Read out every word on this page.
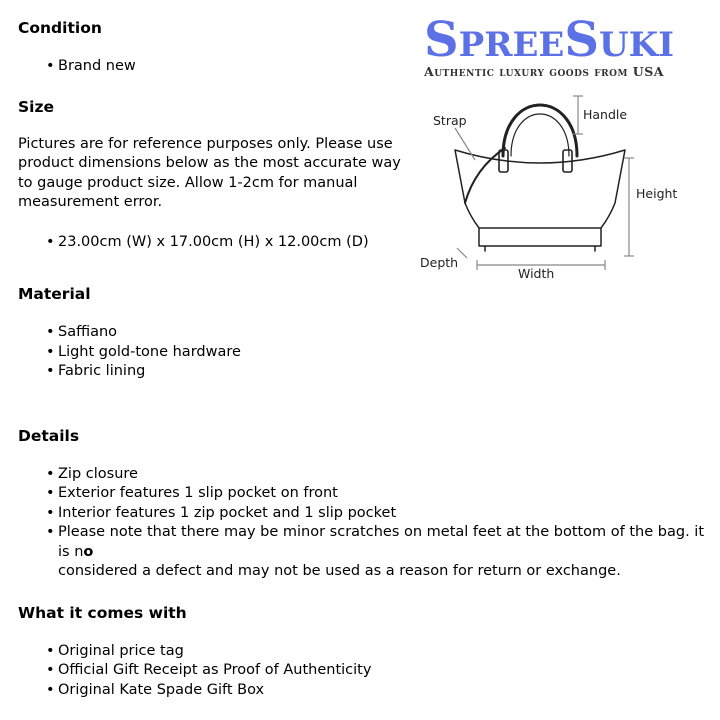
SpreeSuki
Authentic luxury goods from USA
Strap	Handle
Height
Depth
Width
Condition
• Brand new
Size

Pictures are for reference purposes only. Please use product dimensions below as the most accurate way to gauge product size. Allow 1-2cm for manual measurement error.

• 23.00cm (W) x 17.00cm (H) x 12.00cm (D)
Material
• Saffiano
• Light gold-tone hardware
• Fabric lining
Details
• Zip closure
• Exterior features 1 slip pocket on front
• Interior features 1 zip pocket and 1 slip pocket
• Please note that there may be minor scratches on metal feet at the bottom of the bag. it is no
considered a defect and may not be used as a reason for return or exchange.
What it comes with
• Original price tag
• Official Gift Receipt as Proof of Authenticity
• Original Kate Spade Gift Box
